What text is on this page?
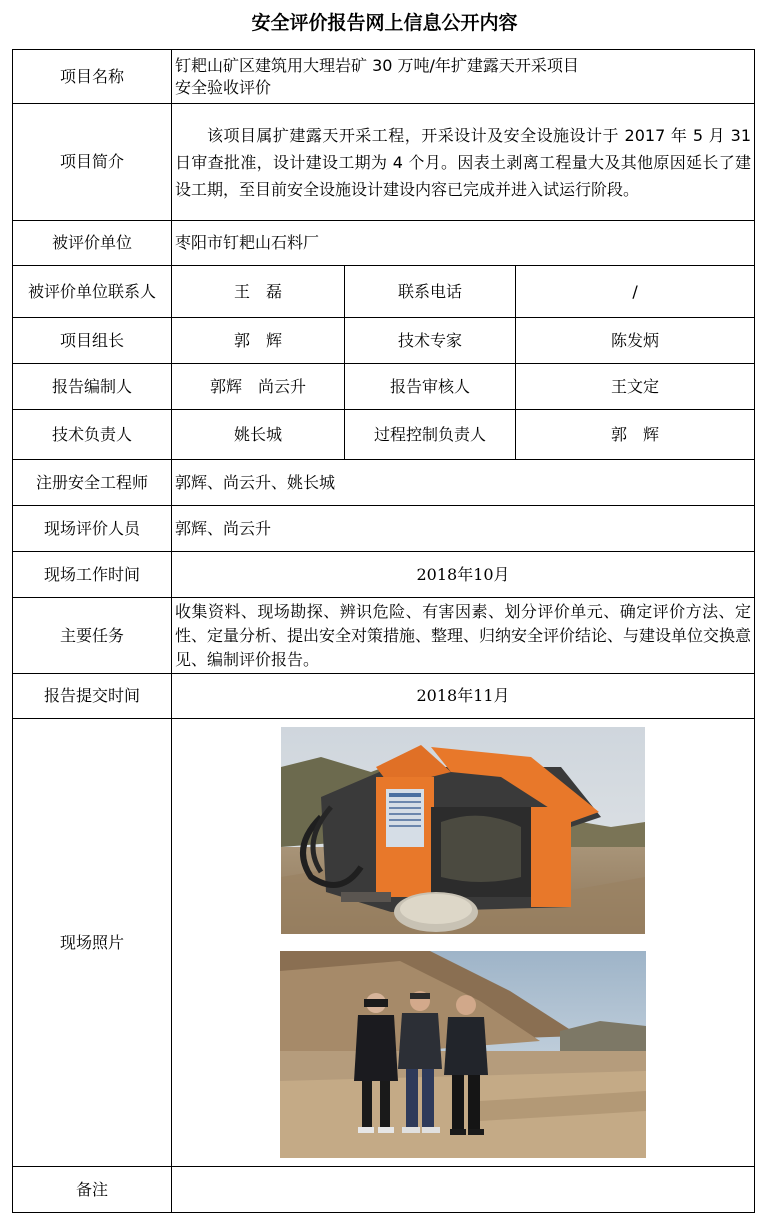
安全评价报告网上信息公开内容
项目名称	钉耙山矿区建筑用大理岩矿 30 万吨/年扩建露天开采项目
安全验收评价		

项目简介	该项目属扩建露天开采工程，开采设计及安全设施设计于 2017 年 5 月 31 日审查批准，设计建设工期为 4 个月。因表土剥离工程量大及其他原因延长了建设工期，至目前安全设施设计建设内容已完成并进入试运行阶段。		
被评价单位	枣阳市钉耙山石料厂		
被评价单位联系人	王　磊	联系电话	/
项目组长	郭　辉	技术专家	陈发炳
报告编制人	郭辉　尚云升	报告审核人	王文定
技术负责人	姚长城	过程控制负责人	郭　辉
注册安全工程师	郭辉、尚云升、姚长城		
现场评价人员	郭辉、尚云升		
现场工作时间	2018年10月		
主要任务	收集资料、现场勘探、辨识危险、有害因素、划分评价单元、确定评价方法、定性、定量分析、提出安全对策措施、整理、归纳安全评价结论、与建设单位交换意见、编制评价报告。		
报告提交时间	2018年11月		
现场照片	

备注			
